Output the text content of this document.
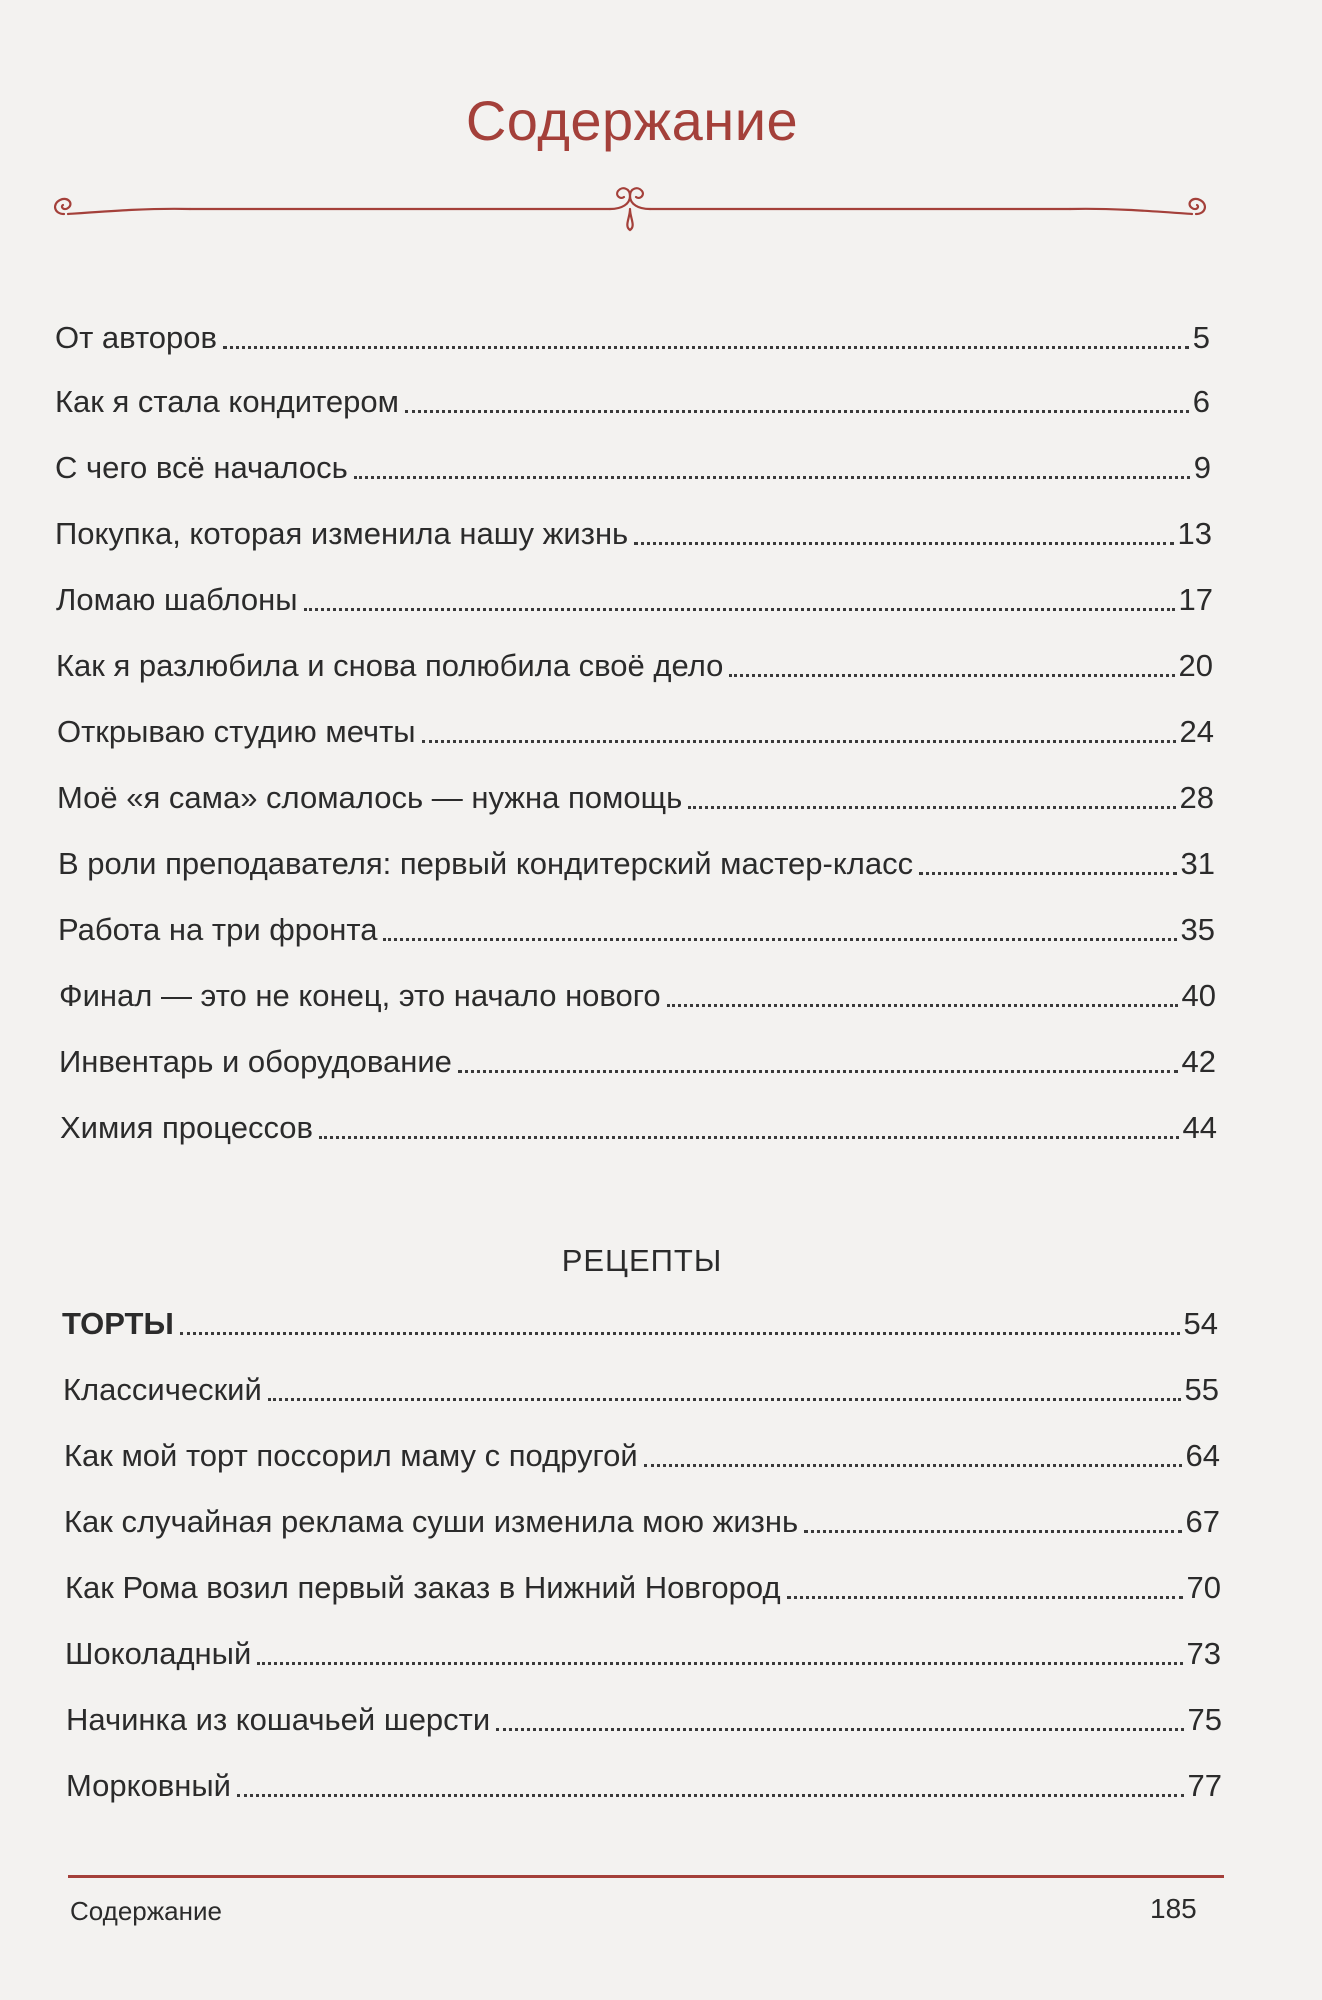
Содержание
От авторов	5
Как я стала кондитером	6
С чего всё началось	9
Покупка, которая изменила нашу жизнь	13
Ломаю шаблоны	17
Как я разлюбила и снова полюбила своё дело	20
Открываю студию мечты	24
Моё «я сама» сломалось — нужна помощь	28
В роли преподавателя: первый кондитерский мастер-класс	31
Работа на три фронта	35
Финал — это не конец, это начало нового	40
Инвентарь и оборудование	42
Химия процессов	44
РЕЦЕПТЫ
ТОРТЫ	54
Классический	55
Как мой торт поссорил маму с подругой	64
Как случайная реклама суши изменила мою жизнь	67
Как Рома возил первый заказ в Нижний Новгород	70
Шоколадный	73
Начинка из кошачьей шерсти	75
Морковный	77
Содержание	185
